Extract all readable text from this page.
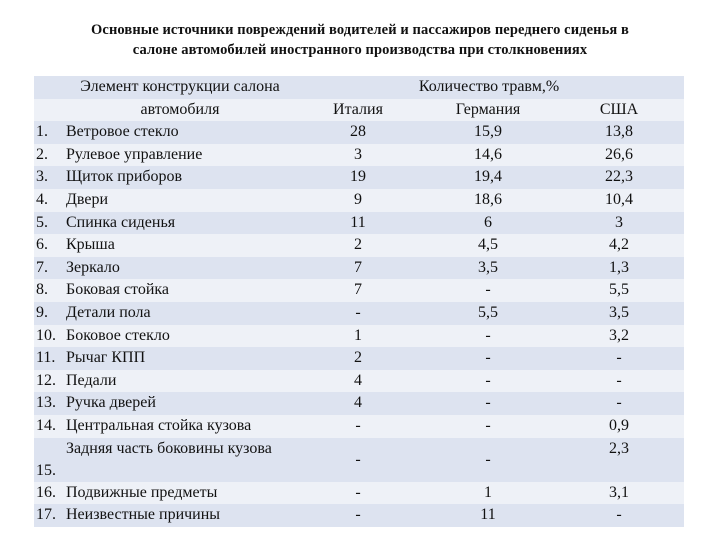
Основные источники повреждений водителей и пассажиров переднего сиденья в
салоне автомобилей иностранного производства при столкновениях
	Элемент конструкции салона	Количество травм,%		
	автомобиля	Италия	Германия	США
1.	Ветровое стекло	28	15,9	13,8
2.	Рулевое управление	3	14,6	26,6
3.	Щиток приборов	19	19,4	22,3
4.	Двери	9	18,6	10,4
5.	Спинка сиденья	11	6	3
6.	Крыша	2	4,5	4,2
7.	Зеркало	7	3,5	1,3
8.	Боковая стойка	7	-	5,5
9.	Детали пола	-	5,5	3,5
10.	Боковое стекло	1	-	3,2
11.	Рычаг КПП	2	-	-
12.	Педали	4	-	-
13.	Ручка дверей	4	-	-
14.	Центральная стойка кузова	-	-	0,9
15.	Задняя часть боковины кузова	-	-	2,3
16.	Подвижные предметы	-	1	3,1
17.	Неизвестные причины	-	11	-
